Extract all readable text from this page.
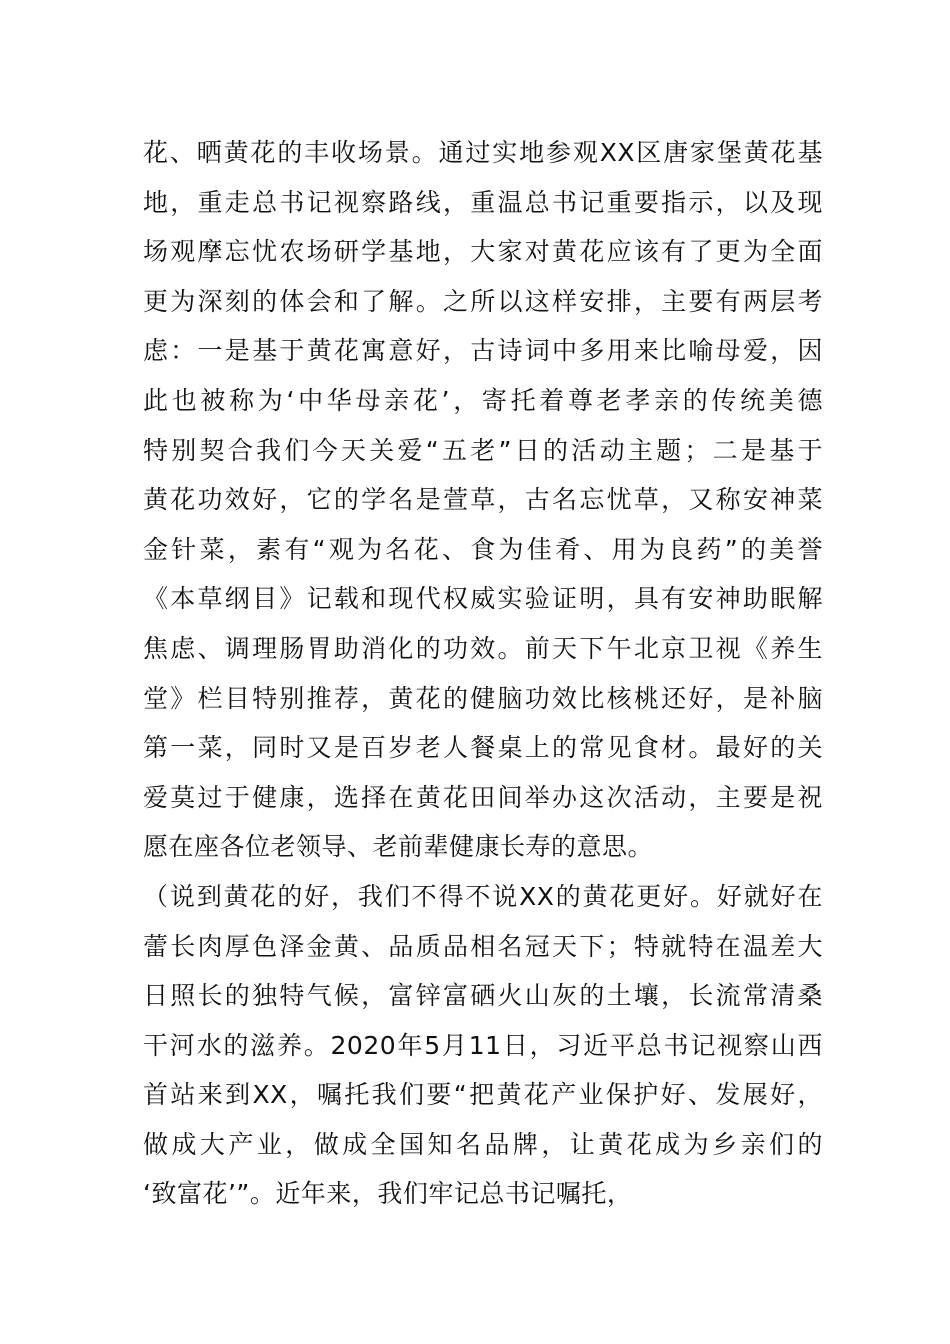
花、晒黄花的丰收场景。通过实地参观XX区唐家堡黄花基
地，重走总书记视察路线，重温总书记重要指示，以及现
场观摩忘忧农场研学基地，大家对黄花应该有了更为全面
更为深刻的体会和了解。之所以这样安排，主要有两层考
虑：一是基于黄花寓意好，古诗词中多用来比喻母爱，因
此也被称为‘中华母亲花’，寄托着尊老孝亲的传统美德
特别契合我们今天关爱“五老”日的活动主题；二是基于
黄花功效好，它的学名是萱草，古名忘忧草，又称安神菜
金针菜，素有“观为名花、食为佳肴、用为良药”的美誉
《本草纲目》记载和现代权威实验证明，具有安神助眠解
焦虑、调理肠胃助消化的功效。前天下午北京卫视《养生
堂》栏目特别推荐，黄花的健脑功效比核桃还好，是补脑
第一菜，同时又是百岁老人餐桌上的常见食材。最好的关
爱莫过于健康，选择在黄花田间举办这次活动，主要是祝
愿在座各位老领导、老前辈健康长寿的意思。
（说到黄花的好，我们不得不说XX的黄花更好。好就好在
蕾长肉厚色泽金黄、品质品相名冠天下；特就特在温差大
日照长的独特气候，富锌富硒火山灰的土壤，长流常清桑
干河水的滋养。2020年5月11日，习近平总书记视察山西
首站来到XX，嘱托我们要“把黄花产业保护好、发展好，
做成大产业，做成全国知名品牌，让黄花成为乡亲们的
‘致富花’”。近年来，我们牢记总书记嘱托，
